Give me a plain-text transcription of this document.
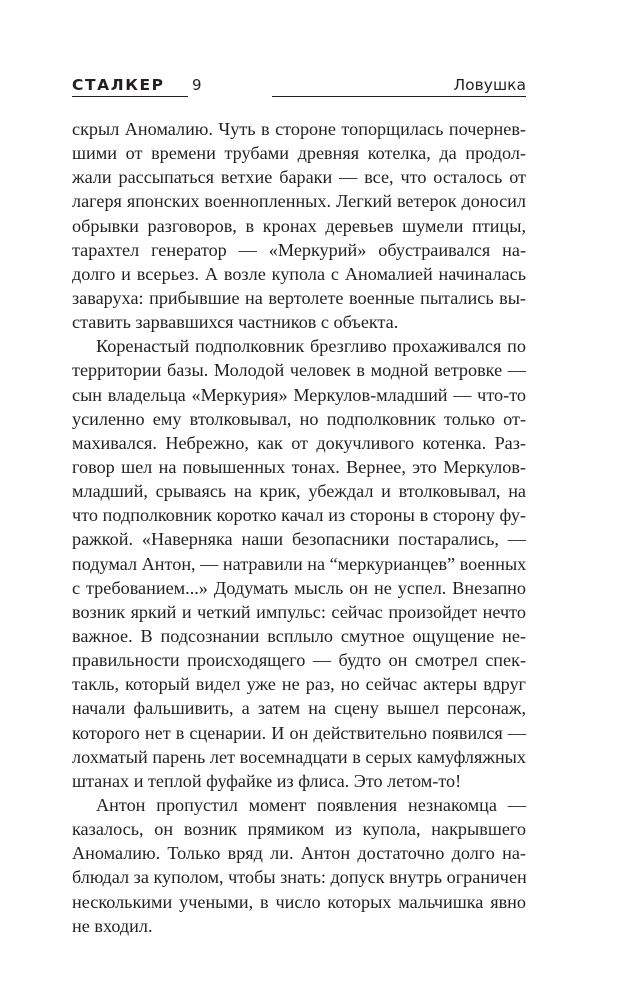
СТАЛКЕР 9	Ловушка
скрыл Аномалию. Чуть в стороне топорщилась почернев-
шими от времени трубами древняя котелка, да продол-
жали рассыпаться ветхие бараки — все, что осталось от
лагеря японских военнопленных. Легкий ветерок доносил
обрывки разговоров, в кронах деревьев шумели птицы,
тарахтел генератор — «Меркурий» обустраивался на-
долго и всерьез. А возле купола с Аномалией начиналась
заваруха: прибывшие на вертолете военные пытались вы-
ставить зарвавшихся частников с объекта.
Коренастый подполковник брезгливо прохаживался по
территории базы. Молодой человек в модной ветровке —
сын владельца «Меркурия» Меркулов-младший — что-то
усиленно ему втолковывал, но подполковник только от-
махивался. Небрежно, как от докучливого котенка. Раз-
говор шел на повышенных тонах. Вернее, это Меркулов-
младший, срываясь на крик, убеждал и втолковывал, на
что подполковник коротко качал из стороны в сторону фу-
ражкой. «Наверняка наши безопасники постарались, —
подумал Антон, — натравили на “меркурианцев” военных
с требованием...» Додумать мысль он не успел. Внезапно
возник яркий и четкий импульс: сейчас произойдет нечто
важное. В подсознании всплыло смутное ощущение не-
правильности происходящего — будто он смотрел спек-
такль, который видел уже не раз, но сейчас актеры вдруг
начали фальшивить, а затем на сцену вышел персонаж,
которого нет в сценарии. И он действительно появился —
лохматый парень лет восемнадцати в серых камуфляжных
штанах и теплой фуфайке из флиса. Это летом-то!
Антон пропустил момент появления незнакомца —
казалось, он возник прямиком из купола, накрывшего
Аномалию. Только вряд ли. Антон достаточно долго на-
блюдал за куполом, чтобы знать: допуск внутрь ограничен
несколькими учеными, в число которых мальчишка явно
не входил.
